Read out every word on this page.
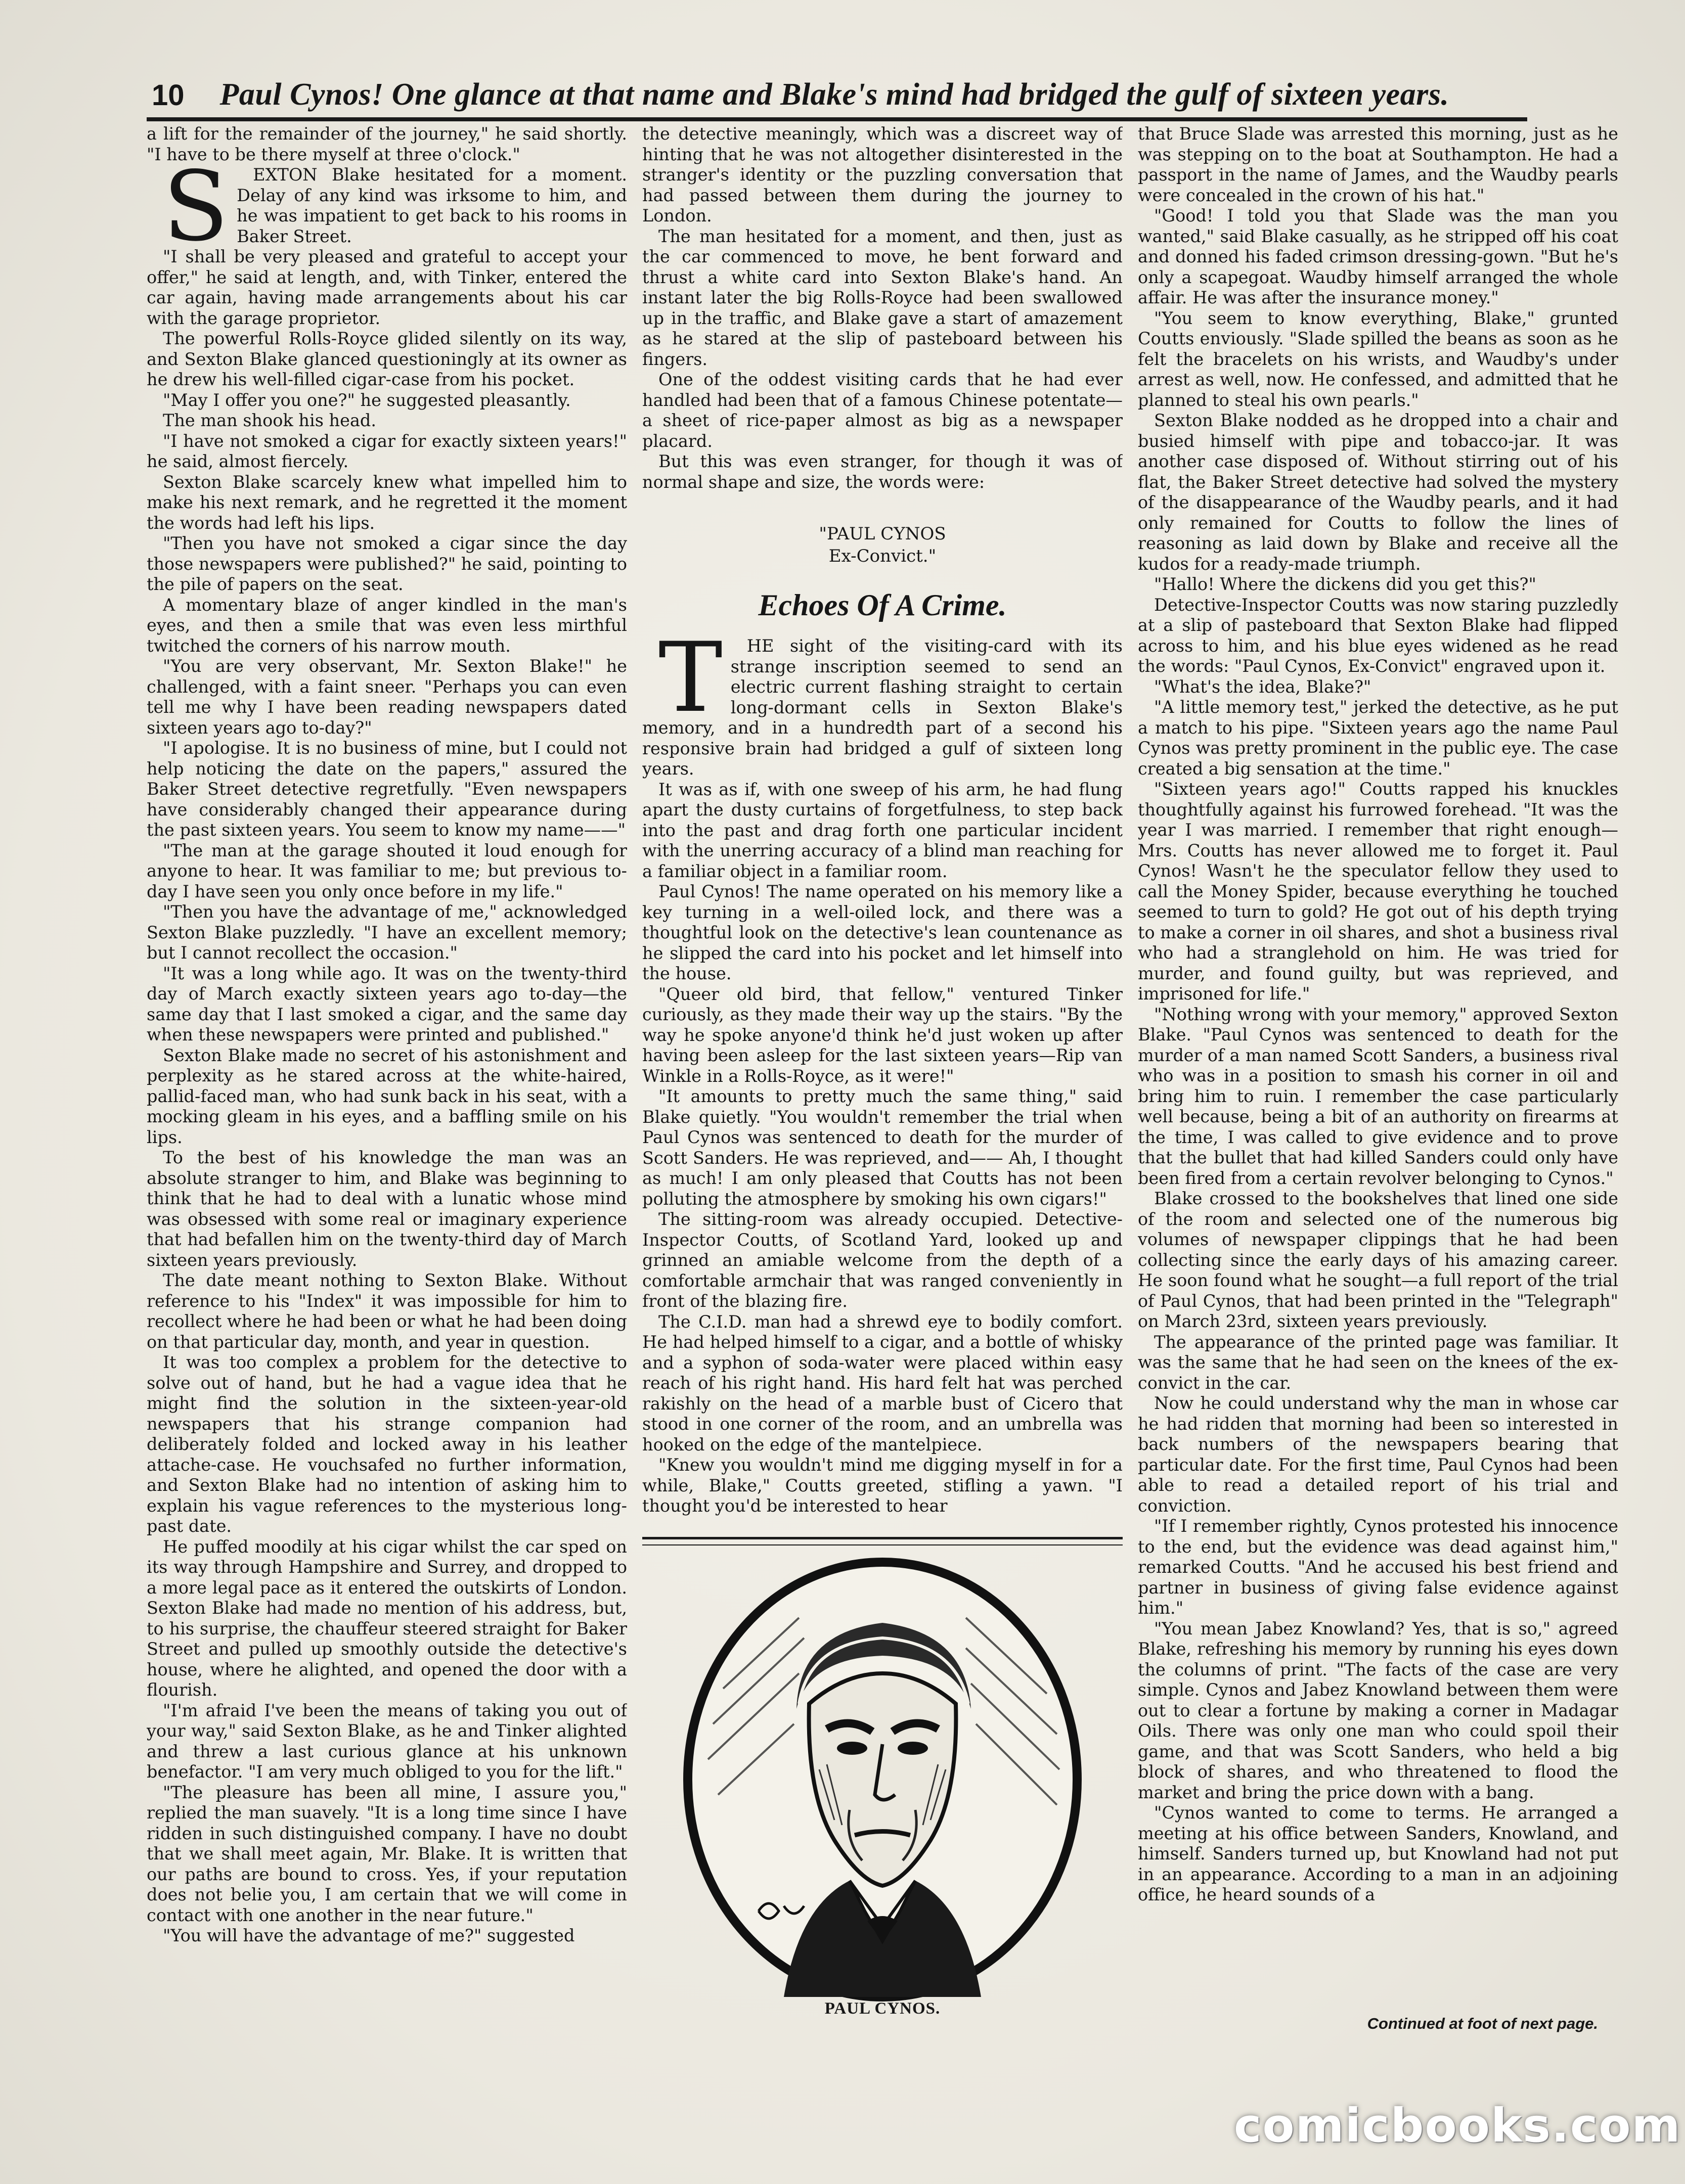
10 Paul Cynos! One glance at that name and Blake's mind had bridged the gulf of sixteen years.

a lift for the remainder of the journey," he said shortly. "I have to be there myself at three o'clock."

SEXTON Blake hesitated for a moment. Delay of any kind was irksome to him, and he was impatient to get back to his rooms in Baker Street.

"I shall be very pleased and grateful to accept your offer," he said at length, and, with Tinker, entered the car again, having made arrangements about his car with the garage proprietor.

The powerful Rolls-Royce glided silently on its way, and Sexton Blake glanced questioningly at its owner as he drew his well-filled cigar-case from his pocket.

"May I offer you one?" he suggested pleasantly.

The man shook his head.

"I have not smoked a cigar for exactly sixteen years!" he said, almost fiercely.

Sexton Blake scarcely knew what impelled him to make his next remark, and he regretted it the moment the words had left his lips.

"Then you have not smoked a cigar since the day those newspapers were published?" he said, pointing to the pile of papers on the seat.

A momentary blaze of anger kindled in the man's eyes, and then a smile that was even less mirthful twitched the corners of his narrow mouth.

"You are very observant, Mr. Sexton Blake!" he challenged, with a faint sneer. "Perhaps you can even tell me why I have been reading newspapers dated sixteen years ago to-day?"

"I apologise. It is no business of mine, but I could not help noticing the date on the papers," assured the Baker Street detective regretfully. "Even newspapers have considerably changed their appearance during the past sixteen years. You seem to know my name——"

"The man at the garage shouted it loud enough for anyone to hear. It was familiar to me; but previous to-day I have seen you only once before in my life."

"Then you have the advantage of me," acknowledged Sexton Blake puzzledly. "I have an excellent memory; but I cannot recollect the occasion."

"It was a long while ago. It was on the twenty-third day of March exactly sixteen years ago to-day—the same day that I last smoked a cigar, and the same day when these newspapers were printed and published."

Sexton Blake made no secret of his astonishment and perplexity as he stared across at the white-haired, pallid-faced man, who had sunk back in his seat, with a mocking gleam in his eyes, and a baffling smile on his lips.

To the best of his knowledge the man was an absolute stranger to him, and Blake was beginning to think that he had to deal with a lunatic whose mind was obsessed with some real or imaginary experience that had befallen him on the twenty-third day of March sixteen years previously.

The date meant nothing to Sexton Blake. Without reference to his "Index" it was impossible for him to recollect where he had been or what he had been doing on that particular day, month, and year in question.

It was too complex a problem for the detective to solve out of hand, but he had a vague idea that he might find the solution in the sixteen-year-old newspapers that his strange companion had deliberately folded and locked away in his leather attache-case. He vouchsafed no further information, and Sexton Blake had no intention of asking him to explain his vague references to the mysterious long-past date.

He puffed moodily at his cigar whilst the car sped on its way through Hampshire and Surrey, and dropped to a more legal pace as it entered the outskirts of London. Sexton Blake had made no mention of his address, but, to his surprise, the chauffeur steered straight for Baker Street and pulled up smoothly outside the detective's house, where he alighted, and opened the door with a flourish.

"I'm afraid I've been the means of taking you out of your way," said Sexton Blake, as he and Tinker alighted and threw a last curious glance at his unknown benefactor. "I am very much obliged to you for the lift."

"The pleasure has been all mine, I assure you," replied the man suavely. "It is a long time since I have ridden in such distinguished company. I have no doubt that we shall meet again, Mr. Blake. It is written that our paths are bound to cross. Yes, if your reputation does not belie you, I am certain that we will come in contact with one another in the near future."

"You will have the advantage of me?" suggested

the detective meaningly, which was a discreet way of hinting that he was not altogether disinterested in the stranger's identity or the puzzling conversation that had passed between them during the journey to London.

The man hesitated for a moment, and then, just as the car commenced to move, he bent forward and thrust a white card into Sexton Blake's hand. An instant later the big Rolls-Royce had been swallowed up in the traffic, and Blake gave a start of amazement as he stared at the slip of pasteboard between his fingers.

One of the oddest visiting cards that he had ever handled had been that of a famous Chinese potentate—a sheet of rice-paper almost as big as a newspaper placard.

But this was even stranger, for though it was of normal shape and size, the words were:

"PAUL CYNOS
Ex-Convict."
Echoes Of A Crime.

THE sight of the visiting-card with its strange inscription seemed to send an electric current flashing straight to certain long-dormant cells in Sexton Blake's memory, and in a hundredth part of a second his responsive brain had bridged a gulf of sixteen long years.

It was as if, with one sweep of his arm, he had flung apart the dusty curtains of forgetfulness, to step back into the past and drag forth one particular incident with the unerring accuracy of a blind man reaching for a familiar object in a familiar room.

Paul Cynos! The name operated on his memory like a key turning in a well-oiled lock, and there was a thoughtful look on the detective's lean countenance as he slipped the card into his pocket and let himself into the house.

"Queer old bird, that fellow," ventured Tinker curiously, as they made their way up the stairs. "By the way he spoke anyone'd think he'd just woken up after having been asleep for the last sixteen years—Rip van Winkle in a Rolls-Royce, as it were!"

"It amounts to pretty much the same thing," said Blake quietly. "You wouldn't remember the trial when Paul Cynos was sentenced to death for the murder of Scott Sanders. He was reprieved, and—— Ah, I thought as much! I am only pleased that Coutts has not been polluting the atmosphere by smoking his own cigars!"

The sitting-room was already occupied. Detective-Inspector Coutts, of Scotland Yard, looked up and grinned an amiable welcome from the depth of a comfortable armchair that was ranged conveniently in front of the blazing fire.

The C.I.D. man had a shrewd eye to bodily comfort. He had helped himself to a cigar, and a bottle of whisky and a syphon of soda-water were placed within easy reach of his right hand. His hard felt hat was perched rakishly on the head of a marble bust of Cicero that stood in one corner of the room, and an umbrella was hooked on the edge of the mantelpiece.

"Knew you wouldn't mind me digging myself in for a while, Blake," Coutts greeted, stifling a yawn. "I thought you'd be interested to hear

PAUL CYNOS.

that Bruce Slade was arrested this morning, just as he was stepping on to the boat at Southampton. He had a passport in the name of James, and the Waudby pearls were concealed in the crown of his hat."

"Good! I told you that Slade was the man you wanted," said Blake casually, as he stripped off his coat and donned his faded crimson dressing-gown. "But he's only a scapegoat. Waudby himself arranged the whole affair. He was after the insurance money."

"You seem to know everything, Blake," grunted Coutts enviously. "Slade spilled the beans as soon as he felt the bracelets on his wrists, and Waudby's under arrest as well, now. He confessed, and admitted that he planned to steal his own pearls."

Sexton Blake nodded as he dropped into a chair and busied himself with pipe and tobacco-jar. It was another case disposed of. Without stirring out of his flat, the Baker Street detective had solved the mystery of the disappearance of the Waudby pearls, and it had only remained for Coutts to follow the lines of reasoning as laid down by Blake and receive all the kudos for a ready-made triumph.

"Hallo! Where the dickens did you get this?"

Detective-Inspector Coutts was now staring puzzledly at a slip of pasteboard that Sexton Blake had flipped across to him, and his blue eyes widened as he read the words: "Paul Cynos, Ex-Convict" engraved upon it.

"What's the idea, Blake?"

"A little memory test," jerked the detective, as he put a match to his pipe. "Sixteen years ago the name Paul Cynos was pretty prominent in the public eye. The case created a big sensation at the time."

"Sixteen years ago!" Coutts rapped his knuckles thoughtfully against his furrowed forehead. "It was the year I was married. I remember that right enough—Mrs. Coutts has never allowed me to forget it. Paul Cynos! Wasn't he the speculator fellow they used to call the Money Spider, because everything he touched seemed to turn to gold? He got out of his depth trying to make a corner in oil shares, and shot a business rival who had a stranglehold on him. He was tried for murder, and found guilty, but was reprieved, and imprisoned for life."

"Nothing wrong with your memory," approved Sexton Blake. "Paul Cynos was sentenced to death for the murder of a man named Scott Sanders, a business rival who was in a position to smash his corner in oil and bring him to ruin. I remember the case particularly well because, being a bit of an authority on firearms at the time, I was called to give evidence and to prove that the bullet that had killed Sanders could only have been fired from a certain revolver belonging to Cynos."

Blake crossed to the bookshelves that lined one side of the room and selected one of the numerous big volumes of newspaper clippings that he had been collecting since the early days of his amazing career. He soon found what he sought—a full report of the trial of Paul Cynos, that had been printed in the "Telegraph" on March 23rd, sixteen years previously.

The appearance of the printed page was familiar. It was the same that he had seen on the knees of the ex-convict in the car.

Now he could understand why the man in whose car he had ridden that morning had been so interested in back numbers of the newspapers bearing that particular date. For the first time, Paul Cynos had been able to read a detailed report of his trial and conviction.

"If I remember rightly, Cynos protested his innocence to the end, but the evidence was dead against him," remarked Coutts. "And he accused his best friend and partner in business of giving false evidence against him."

"You mean Jabez Knowland? Yes, that is so," agreed Blake, refreshing his memory by running his eyes down the columns of print. "The facts of the case are very simple. Cynos and Jabez Knowland between them were out to clear a fortune by making a corner in Madagar Oils. There was only one man who could spoil their game, and that was Scott Sanders, who held a big block of shares, and who threatened to flood the market and bring the price down with a bang.

"Cynos wanted to come to terms. He arranged a meeting at his office between Sanders, Knowland, and himself. Sanders turned up, but Knowland had not put in an appearance. According to a man in an adjoining office, he heard sounds of a

Continued at foot of next page.
comicbooks.com
